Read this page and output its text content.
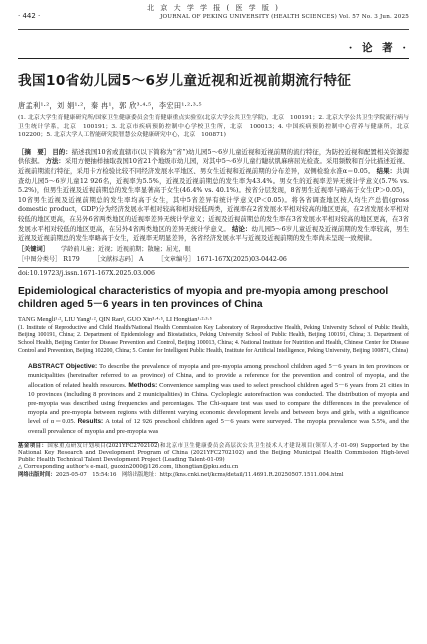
· 442 ·
北 京 大 学 学 报 ( 医 学 版 )
JOURNAL OF PEKING UNIVERSITY (HEALTH SCIENCES) Vol. 57 No. 3 Jun. 2025
· 论 著 ·
我国10省幼儿园5～6岁儿童近视和近视前期流行特征
唐孟利¹·²，刘 娟¹·²，秦 冉¹，郭 欣³·⁴·⁵，李宏田¹·²·³·⁵
(1. 北京大学生育健康研究所/国家卫生健康委员会生育健康重点实验室(北京大学公共卫生学院)，北京　100191；2. 北京大学公共卫生学院流行病与卫生统计学系，北京　100191；3. 北京市疾病预防控制中心学校卫生所，北京　100013；4. 中国疾病预防控制中心营养与健康所，北京　102200；5. 北京大学人工智能研究院智慧公众健康研究中心，北京　100871)
［摘　要］ 目的：描述我国10省或直辖市(以下简称为“省”)幼儿园5～6岁儿童近视和近视前期的流行特征，为防控近视和配置相关资源提供依据。 方法：采用方便抽样抽取我国10省21个地级市幼儿园，对其中5～6岁儿童行睫状肌麻痹屈光检查。采用频数和百分比描述近视、近视前期流行特征，采用卡方检验比较不同经济发展水平地区、男女生近视和近视前期的分布差异，双侧检验水准α＝0.05。 结果：共调查幼儿园5～6岁儿童12 926名，近视率为5.5%，近视及近视前期总的发生率为43.4%。男女生的近视率差异无统计学意义(5.7% vs. 5.2%)，但男生近视及近视前期总的发生率显著高于女生(46.4% vs. 40.1%)。按省分层发现，8省男生近视率与略高于女生(P＞0.05)，10省男生近视及近视前期总的发生率均高于女生，其中5省差异有统计学意义(P＜0.05)。将各省调查地区按人均生产总值(gross domestic product，GDP)分为经济发展水平相对较高和相对较低两类，近视率在2省发展水平相对较高的地区更高，在2省发展水平相对较低的地区更高，在另外6省两类地区的近视率差异无统计学意义；近视及近视前期总的发生率在3省发展水平相对较高的地区更高，在3省发展水平相对较低的地区更高，在另外4省两类地区的差异无统计学意义。 结论：幼儿园5～6岁儿童近视及近视前期的发生率较高，男生近视及近视前期总的发生率略高于女生，近视率无明显差异，各省经济发展水平与近视及近视前期的发生率尚未呈现一致规律。
［关键词］ 学龄前儿童；近视；近视前期；散瞳；屈光，眼
［中图分类号］ R179 ［文献标志码］ A ［文章编号］ 1671-167X(2025)03-0442-06
doi:10.19723/j.issn.1671-167X.2025.03.006
Epidemiological characteristics of myopia and pre-myopia among preschool children aged 5－6 years in ten provinces of China
TANG Mengli¹·², LIU Yang¹·², QIN Ran¹, GUO Xin³·⁴·⁵, LI Hongtian¹·²·³·⁵
(1. Institute of Reproductive and Child Health/National Health Commission Key Laboratory of Reproductive Health, Peking University School of Public Health, Beijing 100191, China; 2. Department of Epidemiology and Biostatistics, Peking University School of Public Health, Beijing 100191, China; 3. Department of School Health, Beijing Center for Disease Prevention and Control, Beijing 100013, China; 4. National Institute for Nutrition and Health, Chinese Center for Disease Control and Prevention, Beijing 102200, China; 5. Center for Intelligent Public Health, Institute for Artificial Intelligence, Peking University, Beijing 100871, China)
ABSTRACT Objective: To describe the prevalence of myopia and pre-myopia among preschool children aged 5－6 years in ten provinces or municipalities (hereinafter referred to as province) of China, and to provide a reference for the prevention and control of myopia, and the allocation of related health resources. Methods: Convenience sampling was used to select preschool children aged 5－6 years from 21 cities in 10 provinces (including 8 provinces and 2 municipalities) in China. Cycloplegic autorefraction was conducted. The distribution of myopia and pre-myopia was described using frequencies and percentages. The Chi-square test was used to compare the differences in the prevalence of myopia and pre-myopia between regions with different varying economic development levels and between boys and girls, with a significance level of α＝0.05. Results: A total of 12 926 preschool children aged 5－6 years were surveyed. The myopia prevalence was 5.5%, and the overall prevalence of myopia and pre-myopia was
基金项目：国家重点研发计划项目(2021YFC2702102)和北京市卫生健康委员会高层次公共卫生技术人才建设项目(领军人才-01-09) Supported by the National Key Research and Development Program of China (2021YFC2702102) and the Beijing Municipal Health Commission High-level Public Health Technical Talent Development Project (Leading Talent-01-09)
△ Corresponding author's e-mail, guoxin2000@126.com, lihongtian@pku.edu.cn
网络出版时间：2025-05-07　15:54:16　网络出版地址：http://kns.cnki.net/kcms/detail/11.4691.R.20250507.1511.004.html
